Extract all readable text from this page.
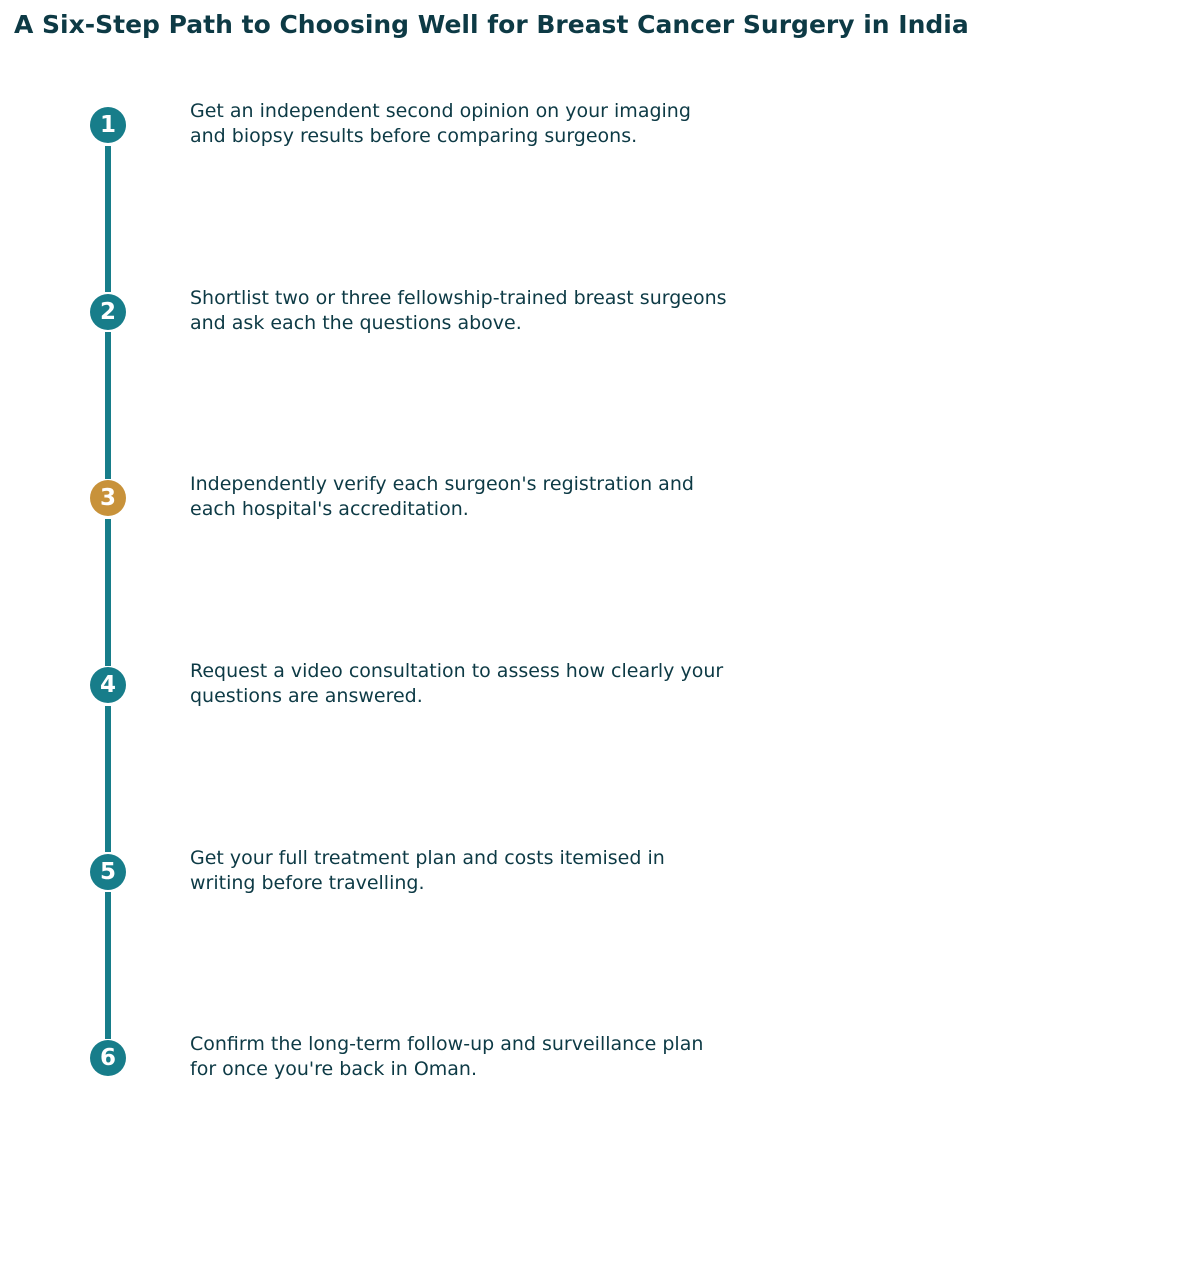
A Six-Step Path to Choosing Well for Breast Cancer Surgery in India
1

Get an independent second opinion on your imaging and biopsy results before comparing surgeons.

2

Shortlist two or three fellowship-trained breast surgeons and ask each the questions above.

3

Independently verify each surgeon's registration and each hospital's accreditation.

4

Request a video consultation to assess how clearly your questions are answered.

5

Get your full treatment plan and costs itemised in writing before travelling.

6

Confirm the long-term follow-up and surveillance plan for once you're back in Oman.
